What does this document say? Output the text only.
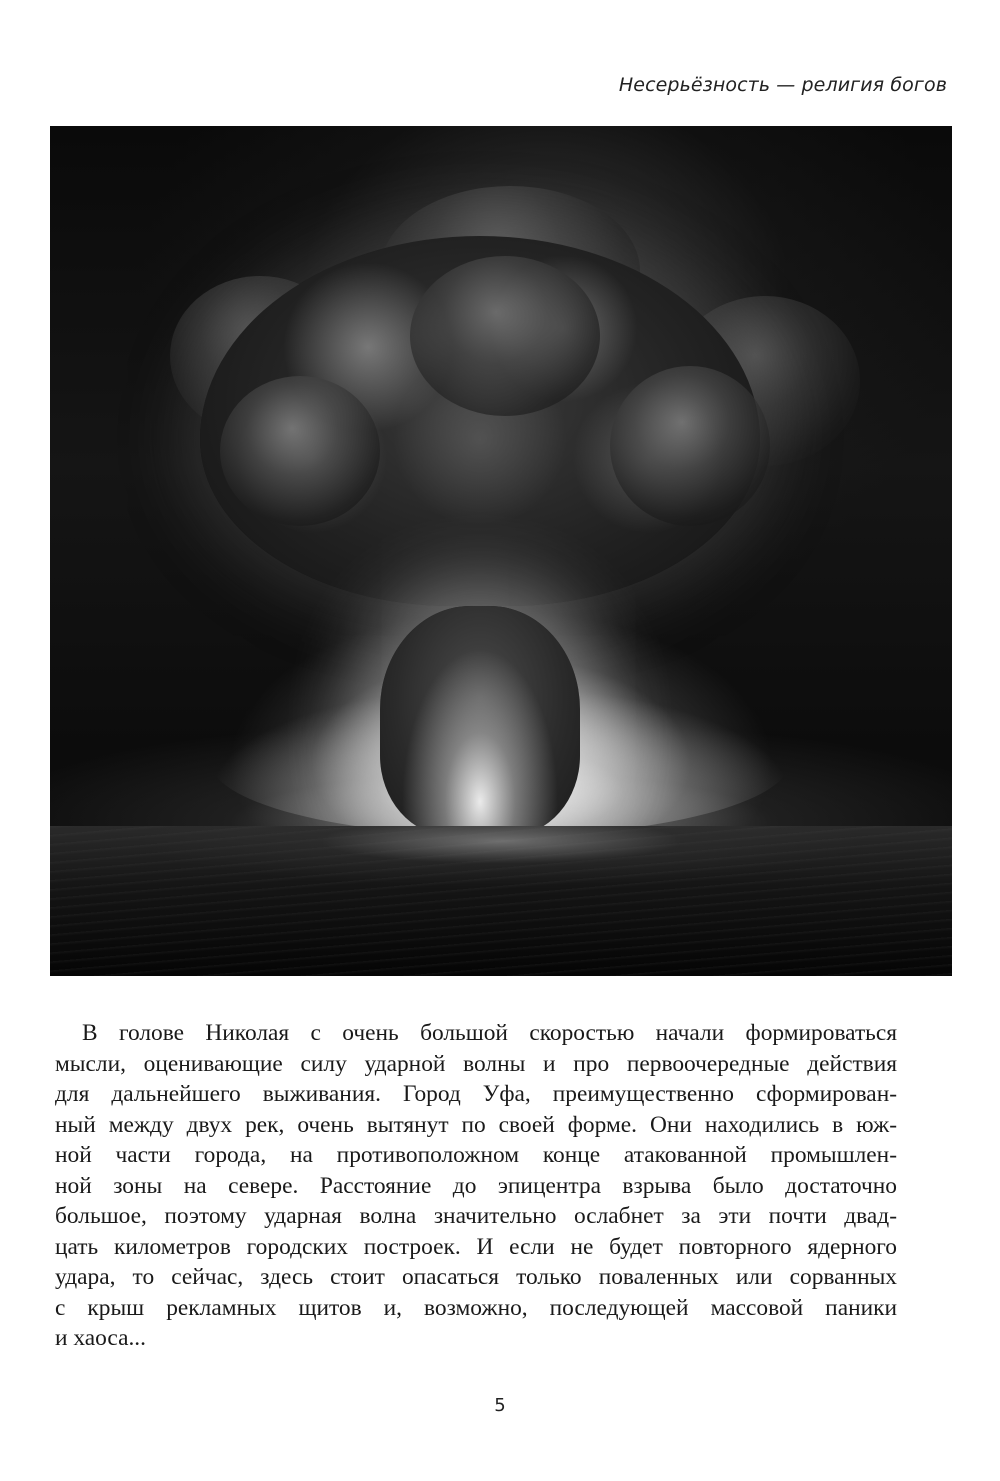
Несерьёзность — религия богов
В голове Николая с очень большой скоростью начали формироваться
мысли, оценивающие силу ударной волны и про первоочередные действия
для дальнейшего выживания. Город Уфа, преимущественно сформирован-
ный между двух рек, очень вытянут по своей форме. Они находились в юж-
ной части города, на противоположном конце атакованной промышлен-
ной зоны на севере. Расстояние до эпицентра взрыва было достаточно
большое, поэтому ударная волна значительно ослабнет за эти почти двад-
цать километров городских построек. И если не будет повторного ядерного
удара, то сейчас, здесь стоит опасаться только поваленных или сорванных
с крыш рекламных щитов и, возможно, последующей массовой паники
и хаоса...
5
